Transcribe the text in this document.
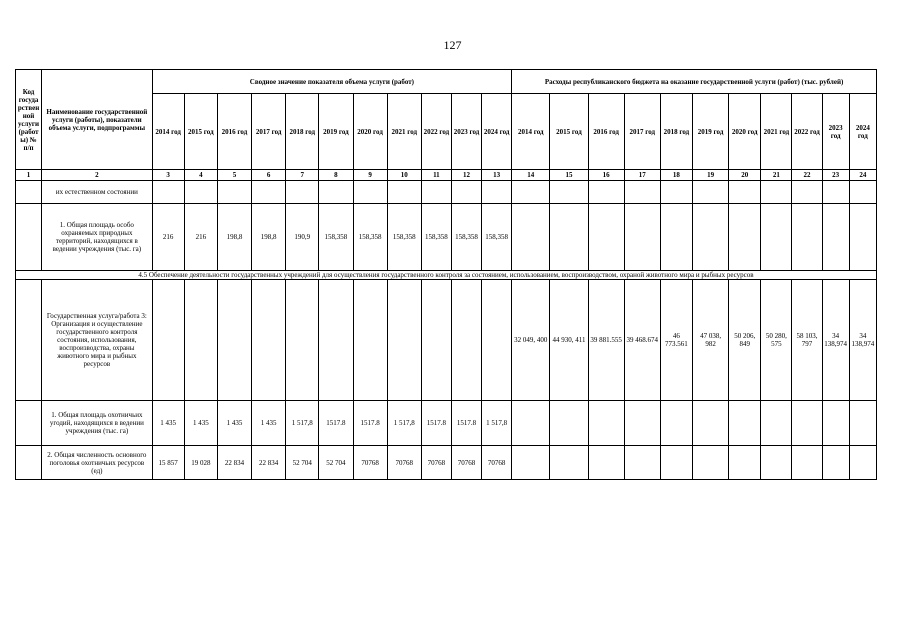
127
Код государственной услуги (работы) № п/п	Наименование государственной услуги (работы), показатели объема услуги, подпрограммы	Сводное значение показателя объема услуги (работ)											Расходы республиканского бюджета на оказание государственной услуги (работ) (тыс. рублей)										
		2014 год	2015 год	2016 год	2017 год	2018 год	2019 год	2020 год	2021 год	2022 год	2023 год	2024 год	2014 год	2015 год	2016 год	2017 год	2018 год	2019 год	2020 год	2021 год	2022 год	2023 год	2024 год
1	2	3	4	5	6	7	8	9	10	11	12	13	14	15	16	17	18	19	20	21	22	23	24
	их естественном состоянии																						
	1. Общая площадь особо охраняемых природных территорий, находящихся в ведении учреждения (тыс. га)	216	216	198,8	198,8	190,9	158,358	158,358	158,358	158,358	158,358	158,358											
4.5 Обеспечение деятельности государственных учреждений для осуществления государственного контроля за состоянием, использованием, воспроизводством, охраной животного мира и рыбных ресурсов																							
	Государственная услуга/работа 3: Организация и осуществление государственного контроля состояния, использования, воспроизводства, охраны животного мира и рыбных ресурсов												32 049, 400	44 930, 411	39 881.555	39 468.674	46 773.561	47 038, 982	50 206, 849	50 280, 575	58 103, 797	34 138,974	34 138,974
	1. Общая площадь охотничьих угодий, находящихся в ведении учреждения (тыс. га)	1 435	1 435	1 435	1 435	1 517,8	1517.8	1517.8	1 517,8	1517.8	1517.8	1 517,8											
	2. Общая численность основного поголовья охотничьих ресурсов (ед)	15 857	19 028	22 834	22 834	52 704	52 704	70768	70768	70768	70768	70768											
